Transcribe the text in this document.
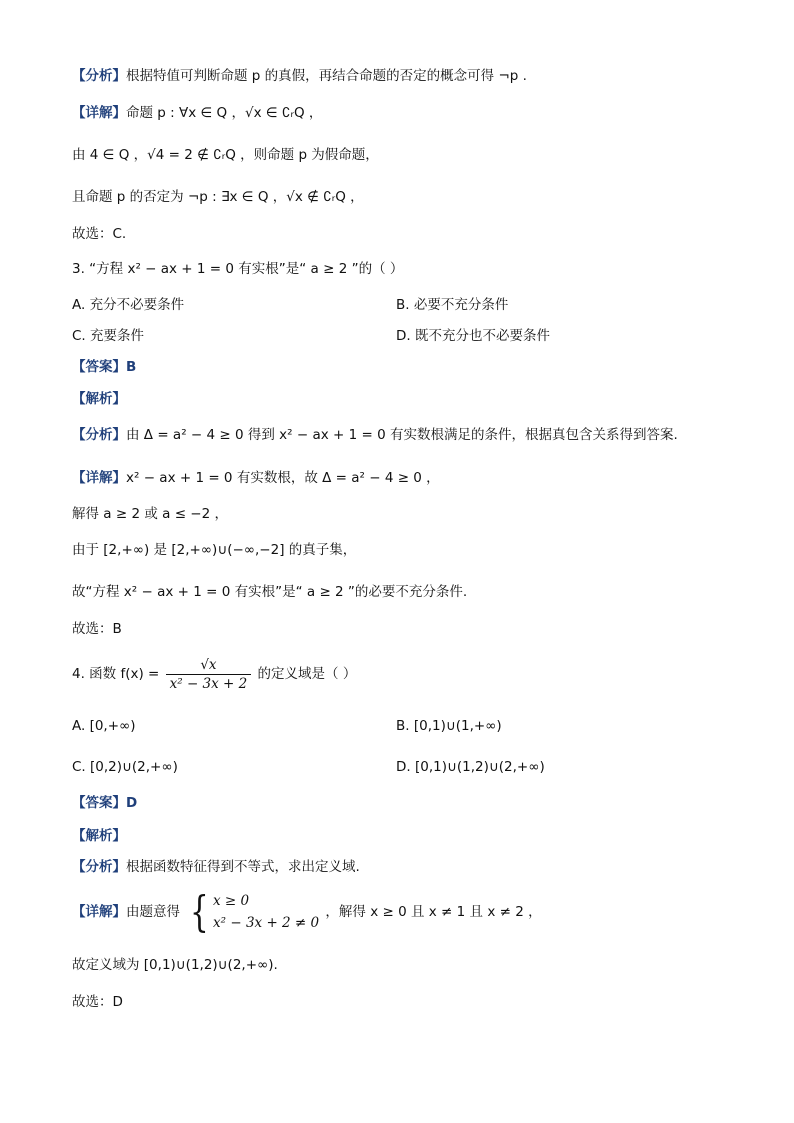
【分析】根据特值可判断命题 p 的真假，再结合命题的否定的概念可得 ¬p .
【详解】命题 p : ∀x ∈ Q ，√x ∈ ∁ᵣQ ，
由 4 ∈ Q ，√4 = 2 ∉ ∁ᵣQ ，则命题 p 为假命题，
且命题 p 的否定为 ¬p : ∃x ∈ Q ，√x ∉ ∁ᵣQ ，
故选：C.
3. “方程 x² − ax + 1 = 0 有实根”是“ a ≥ 2 ”的（ ）
A. 充分不必要条件	B. 必要不充分条件
C. 充要条件	D. 既不充分也不必要条件
【答案】B
【解析】
【分析】由 Δ = a² − 4 ≥ 0 得到 x² − ax + 1 = 0 有实数根满足的条件，根据真包含关系得到答案.
【详解】x² − ax + 1 = 0 有实数根，故 Δ = a² − 4 ≥ 0 ，
解得 a ≥ 2 或 a ≤ −2 ，
由于 [2,+∞) 是 [2,+∞)∪(−∞,−2] 的真子集，
故“方程 x² − ax + 1 = 0 有实根”是“ a ≥ 2 ”的必要不充分条件.
故选：B
4. 函数 $f(x) = \frac{√x}{\text{x² − 3x + 2}}$ 的定义域是（ ）
A. [0,+∞)	B. [0,1)∪(1,+∞)
C. [0,2)∪(2,+∞)	D. [0,1)∪(1,2)∪(2,+∞)
【答案】D
【解析】
【分析】根据函数特征得到不等式，求出定义域.
【详解】由题意得 { x ≥ 0
x² − 3x + 2 ≠ 0
，解得 x ≥ 0 且 x ≠ 1 且 x ≠ 2 ，
故定义域为 [0,1)∪(1,2)∪(2,+∞).
故选：D
